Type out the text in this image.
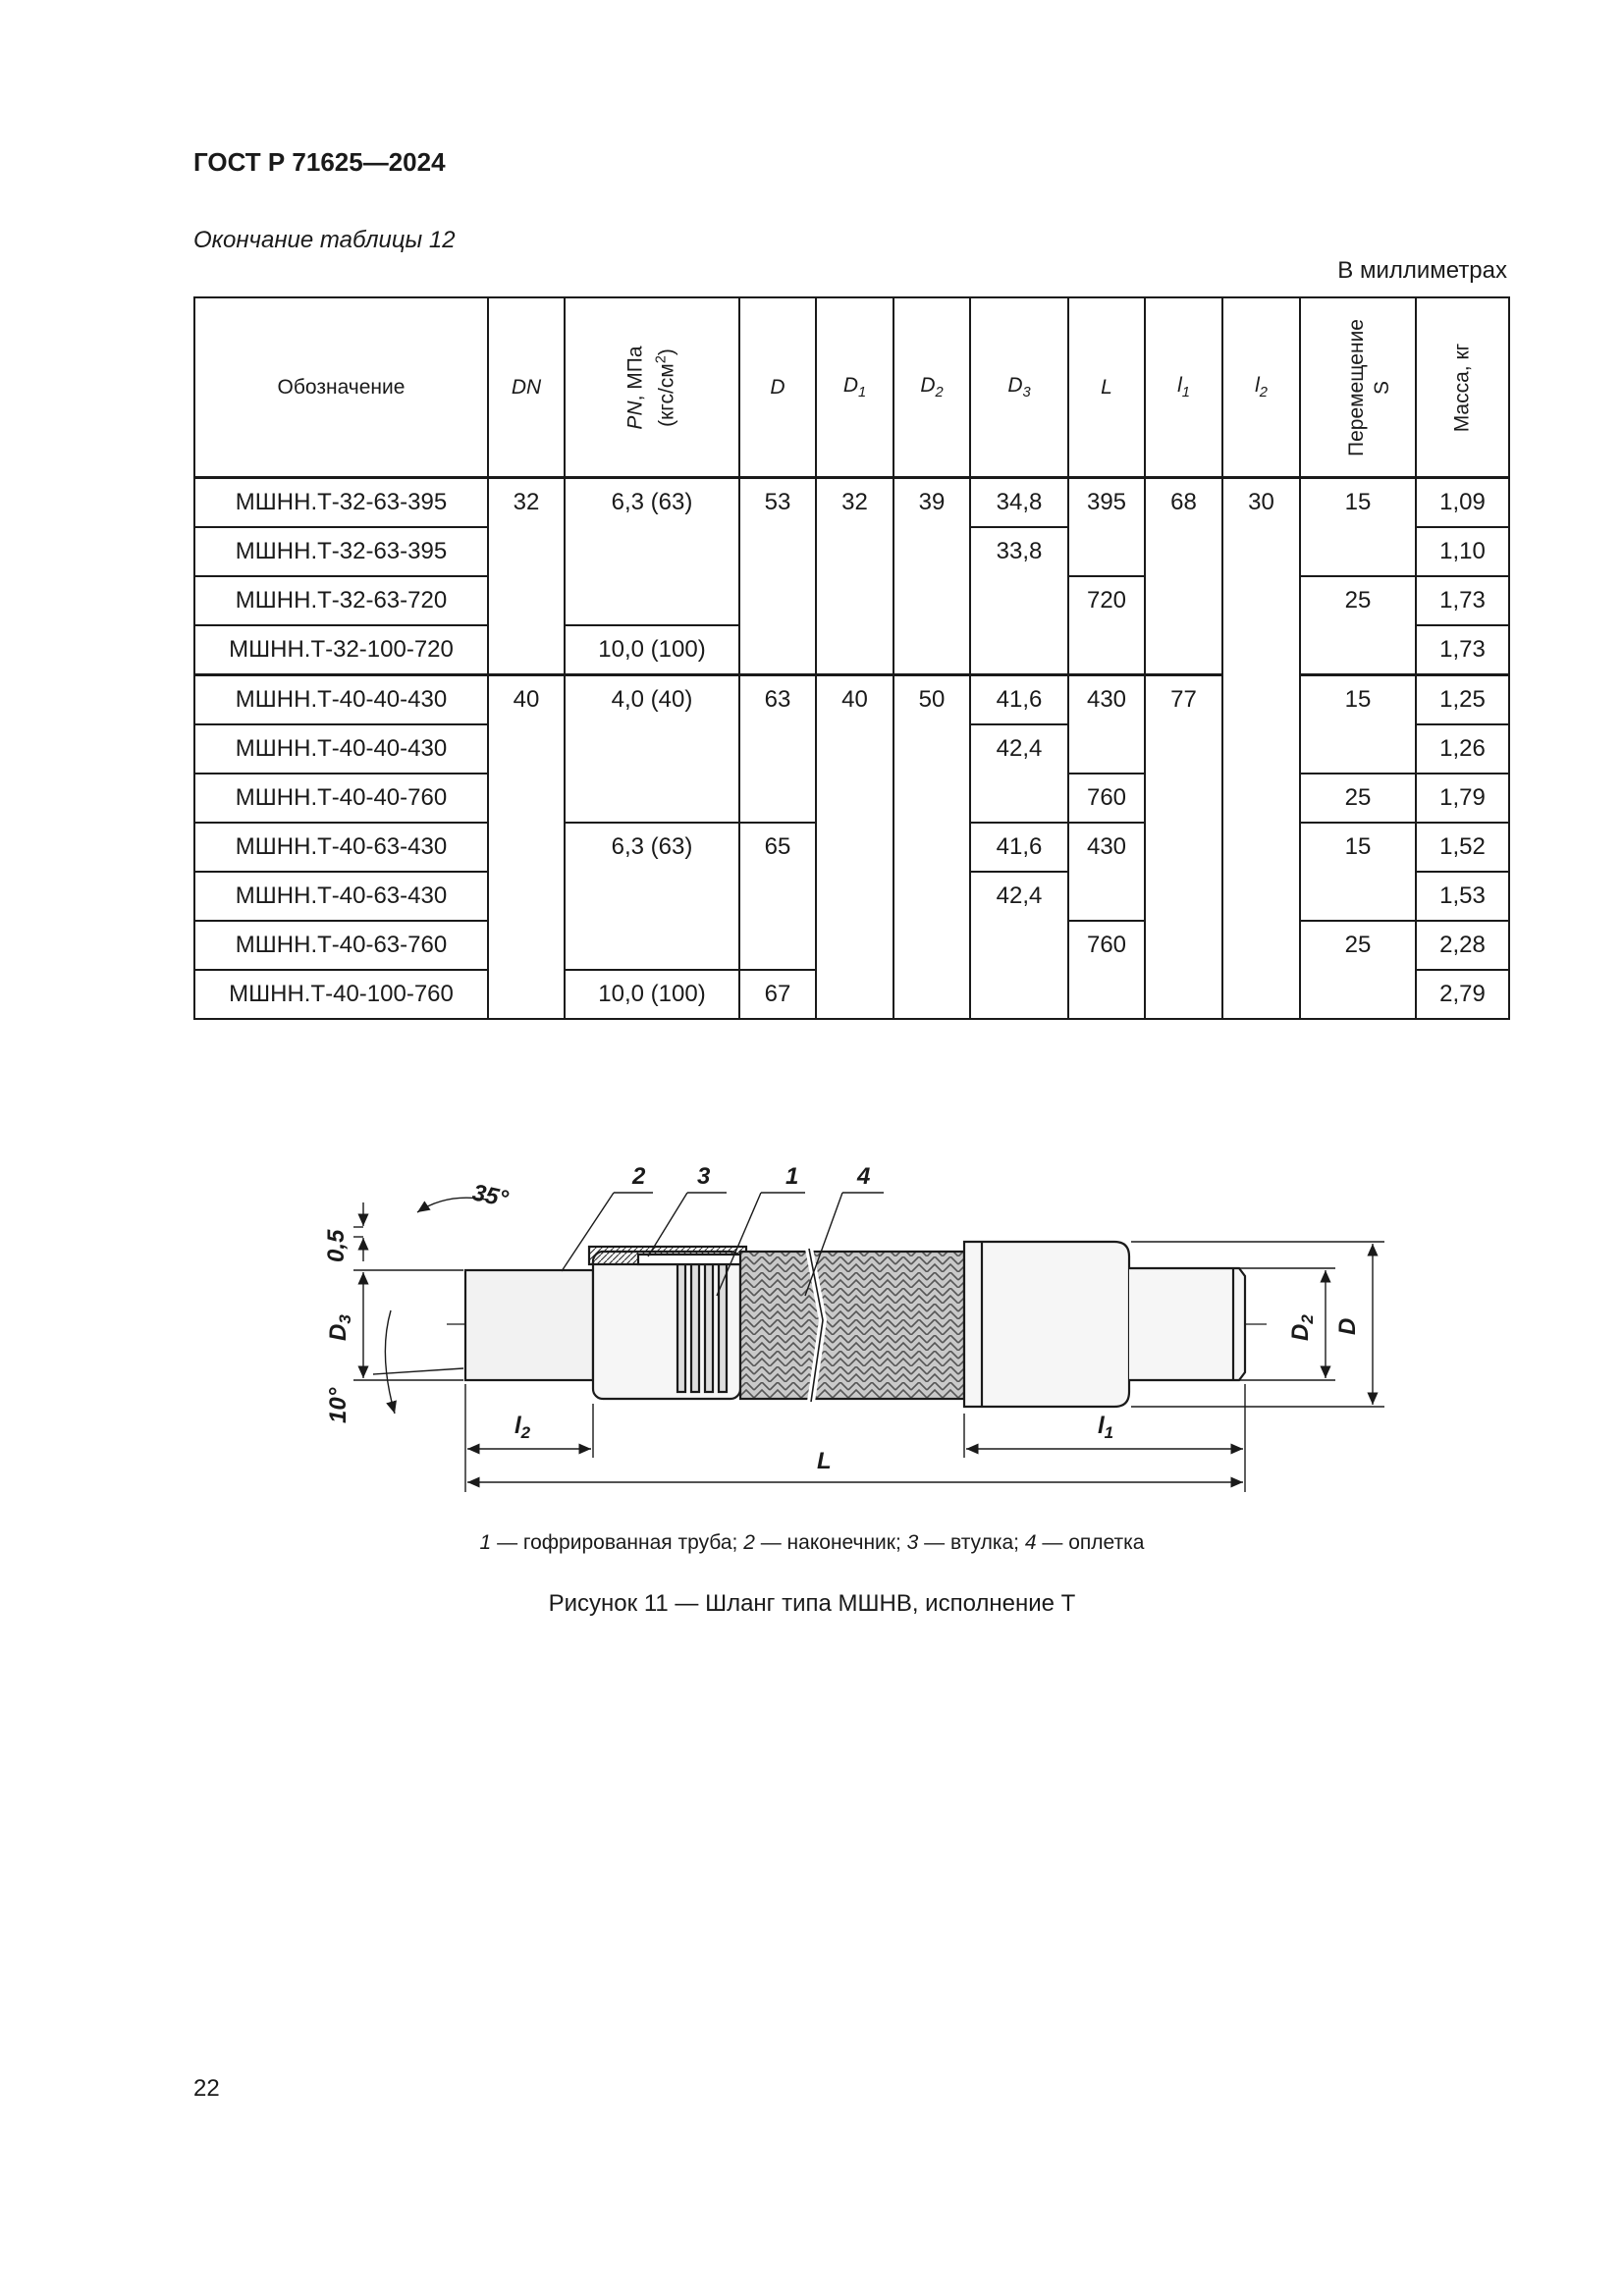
ГОСТ Р 71625—2024
Окончание таблицы 12
В миллиметрах
Обозначение	DN	PN, МПа $(кгс/см^2)$	D	$D_1$	$D_2$	$D_3$	L	$l_1$	$l_2$	Перемещение S	Масса, кг
МШНН.Т-32-63-395	32	6,3 (63)	53	32	39	34,8	395	68	30	15	1,09
МШНН.Т-32-63-395						33,8					1,10
МШНН.Т-32-63-720							720			25	1,73
МШНН.Т-32-100-720		10,0 (100)									1,73
МШНН.Т-40-40-430	40	4,0 (40)	63	40	50	41,6	430	77		15	1,25
МШНН.Т-40-40-430						42,4					1,26
МШНН.Т-40-40-760							760			25	1,79
МШНН.Т-40-63-430		6,3 (63)	65			41,6	430			15	1,52
МШНН.Т-40-63-430						42,4					1,53
МШНН.Т-40-63-760							760			25	2,28
МШНН.Т-40-100-760		10,0 (100)	67								2,79
2 3	1 4
35°
0,5
$D_3$
10°
$l_2$
L
$l_1$
$D_2$ D
1 — гофрированная труба; 2 — наконечник; 3 — втулка; 4 — оплетка
Рисунок 11 — Шланг типа МШНВ, исполнение Т
22
